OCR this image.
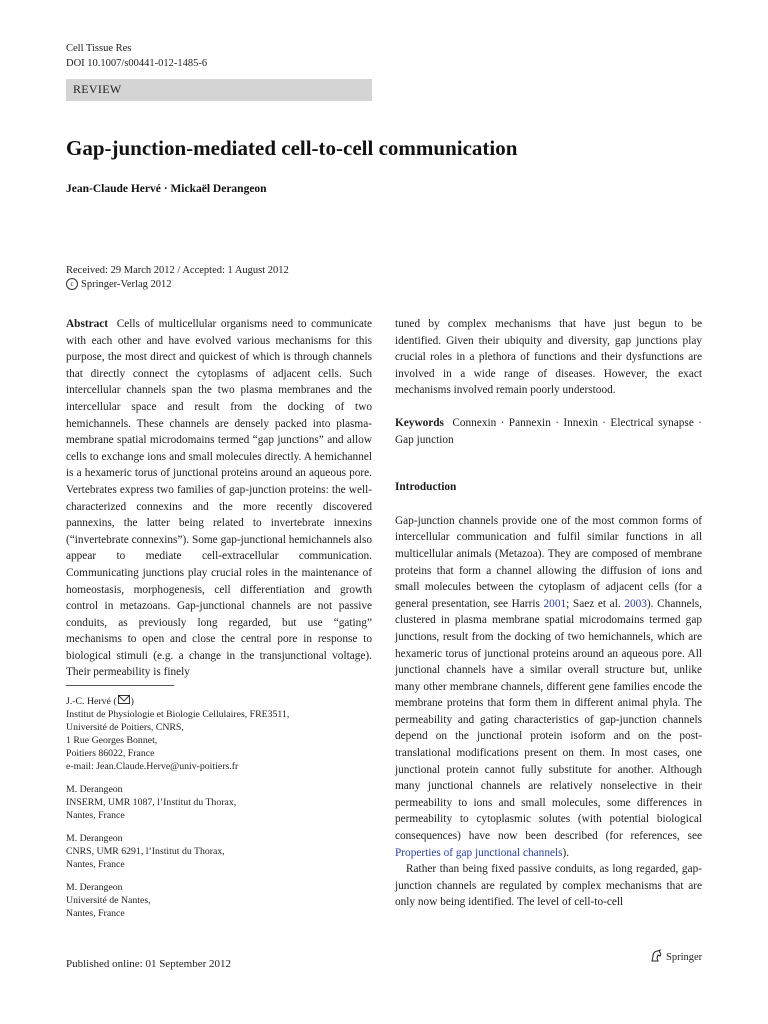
Cell Tissue Res
DOI 10.1007/s00441-012-1485-6
REVIEW
Gap-junction-mediated cell-to-cell communication
Jean-Claude Hervé · Mickaël Derangeon
Received: 29 March 2012 / Accepted: 1 August 2012
c Springer-Verlag 2012

Abstract Cells of multicellular organisms need to communicate with each other and have evolved various mechanisms for this purpose, the most direct and quickest of which is through channels that directly connect the cytoplasms of adjacent cells. Such intercellular channels span the two plasma membranes and the intercellular space and result from the docking of two hemichannels. These channels are densely packed into plasma-membrane spatial microdomains termed “gap junctions” and allow cells to exchange ions and small molecules directly. A hemichannel is a hexameric torus of junctional proteins around an aqueous pore. Vertebrates express two families of gap-junction proteins: the well-characterized connexins and the more recently discovered pannexins, the latter being related to invertebrate innexins (“invertebrate connexins”). Some gap-junctional hemichannels also appear to mediate cell-extracellular communication. Communicating junctions play crucial roles in the maintenance of homeostasis, morphogenesis, cell differentiation and growth control in metazoans. Gap-junctional channels are not passive conduits, as previously long regarded, but use “gating” mechanisms to open and close the central pore in response to biological stimuli (e.g. a change in the transjunctional voltage). Their permeability is finely

J.-C. Hervé ( )
Institut de Physiologie et Biologie Cellulaires, FRE3511,
Université de Poitiers, CNRS,
1 Rue Georges Bonnet,
Poitiers 86022, France
e-mail: Jean.Claude.Herve@univ-poitiers.fr
M. Derangeon
INSERM, UMR 1087, l’Institut du Thorax,
Nantes, France
M. Derangeon
CNRS, UMR 6291, l’Institut du Thorax,
Nantes, France
M. Derangeon
Université de Nantes,
Nantes, France

tuned by complex mechanisms that have just begun to be identified. Given their ubiquity and diversity, gap junctions play crucial roles in a plethora of functions and their dysfunctions are involved in a wide range of diseases. However, the exact mechanisms involved remain poorly understood.

Keywords Connexin · Pannexin · Innexin · Electrical synapse · Gap junction

Introduction

Gap-junction channels provide one of the most common forms of intercellular communication and fulfil similar functions in all multicellular animals (Metazoa). They are composed of membrane proteins that form a channel allowing the diffusion of ions and small molecules between the cytoplasm of adjacent cells (for a general presentation, see Harris 2001; Saez et al. 2003). Channels, clustered in plasma membrane spatial microdomains termed gap junctions, result from the docking of two hemichannels, which are hexameric torus of junctional proteins around an aqueous pore. All junctional channels have a similar overall structure but, unlike many other membrane channels, different gene families encode the membrane proteins that form them in different animal phyla. The permeability and gating characteristics of gap-junction channels depend on the junctional protein isoform and on the post-translational modifications present on them. In most cases, one junctional protein cannot fully substitute for another. Although many junctional channels are relatively nonselective in their permeability to ions and small molecules, some differences in permeability to cytoplasmic solutes (with potential biological consequences) have now been described (for references, see Properties of gap junctional channels).

Rather than being fixed passive conduits, as long regarded, gap-junction channels are regulated by complex mechanisms that are only now being identified. The level of cell-to-cell

Published online: 01 September 2012
Springer
